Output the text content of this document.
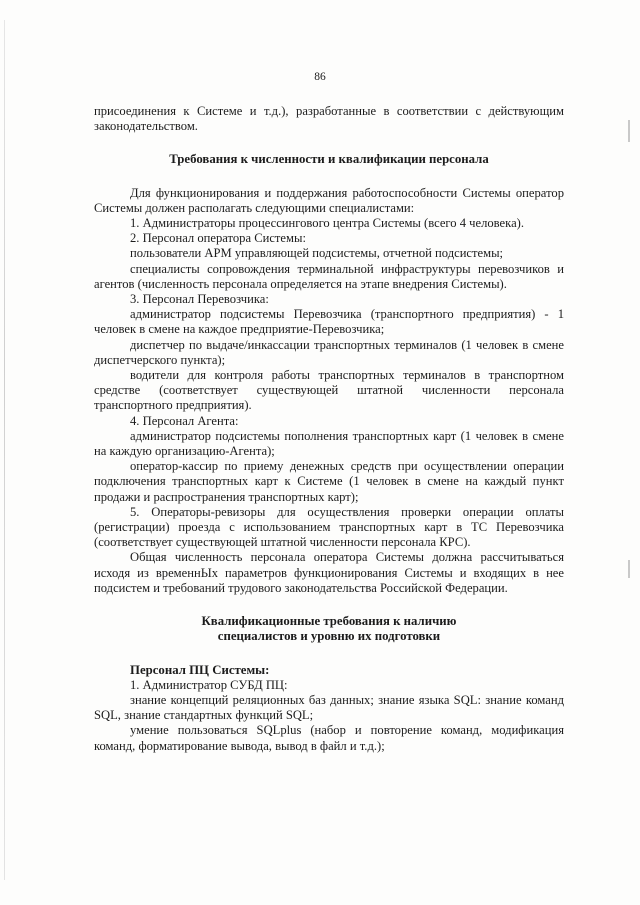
86

присоединения к Системе и т.д.), разработанные в соответствии с действующим законодательством.

Требования к численности и квалификации персонала

Для функционирования и поддержания работоспособности Системы оператор Системы должен располагать следующими специалистами:

1. Администраторы процессингового центра Системы (всего 4 человека).

2. Персонал оператора Системы:

пользователи АРМ управляющей подсистемы, отчетной подсистемы;

специалисты сопровождения терминальной инфраструктуры перевозчиков и агентов (численность персонала определяется на этапе внедрения Системы).

3. Персонал Перевозчика:

администратор подсистемы Перевозчика (транспортного предприятия) - 1 человек в смене на каждое предприятие-Перевозчика;

диспетчер по выдаче/инкассации транспортных терминалов (1 человек в смене диспетчерского пункта);

водители для контроля работы транспортных терминалов в транспортном средстве (соответствует существующей штатной численности персонала транспортного предприятия).

4. Персонал Агента:

администратор подсистемы пополнения транспортных карт (1 человек в смене на каждую организацию-Агента);

оператор-кассир по приему денежных средств при осуществлении операции подключения транспортных карт к Системе (1 человек в смене на каждый пункт продажи и распространения транспортных карт);

5. Операторы-ревизоры для осуществления проверки операции оплаты (регистрации) проезда с использованием транспортных карт в ТС Перевозчика (соответствует существующей штатной численности персонала КРС).

Общая численность персонала оператора Системы должна рассчитываться исходя из временнЫх параметров функционирования Системы и входящих в нее подсистем и требований трудового законодательства Российской Федерации.

Квалификационные требования к наличию

специалистов и уровню их подготовки

Персонал ПЦ Системы:

1. Администратор СУБД ПЦ:

знание концепций реляционных баз данных; знание языка SQL: знание команд SQL, знание стандартных функций SQL;

умение пользоваться SQLplus (набор и повторение команд, модификация команд, форматирование вывода, вывод в файл и т.д.);
